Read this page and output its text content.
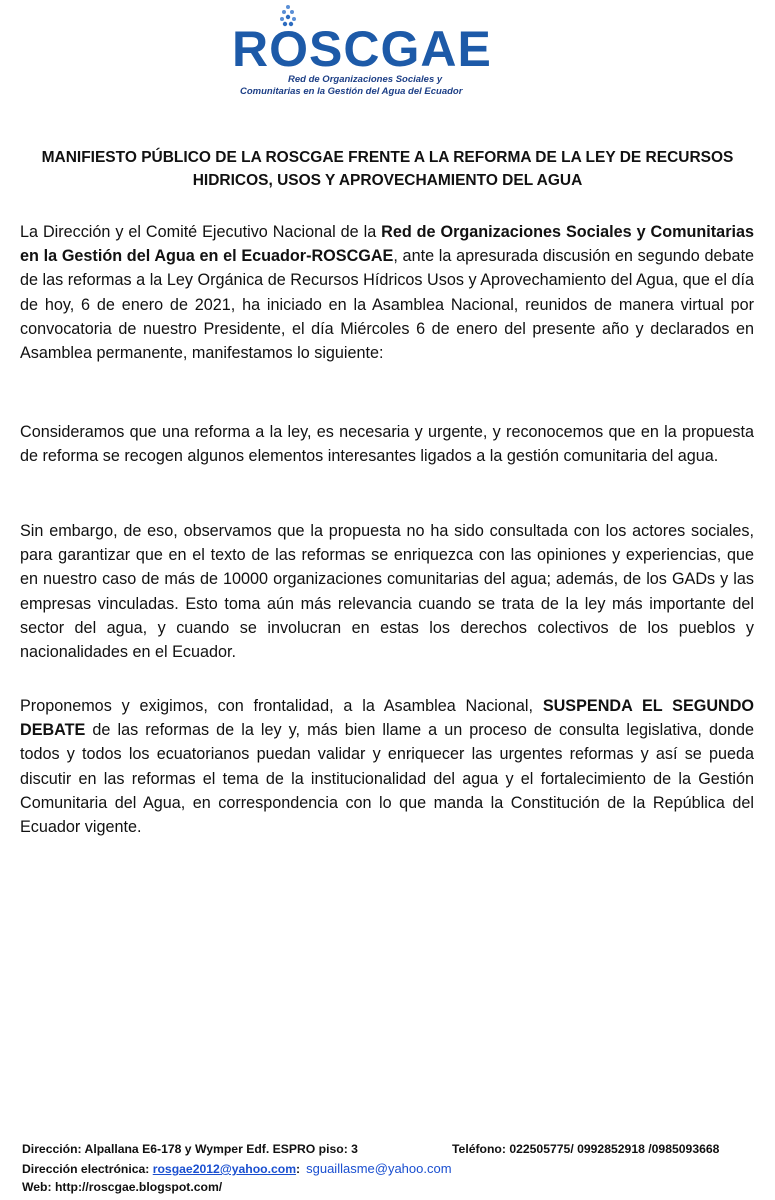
ROSCGAE
Red de Organizaciones Sociales y
Comunitarias en la Gestión del Agua del Ecuador
MANIFIESTO PÚBLICO DE LA ROSCGAE FRENTE A LA REFORMA DE LA LEY DE RECURSOS HIDRICOS, USOS Y APROVECHAMIENTO DEL AGUA
La Dirección y el Comité Ejecutivo Nacional de la Red de Organizaciones Sociales y Comunitarias en la Gestión del Agua en el Ecuador-ROSCGAE, ante la apresurada discusión en segundo debate de las reformas a la Ley Orgánica de Recursos Hídricos Usos y Aprovechamiento del Agua, que el día de hoy, 6 de enero de 2021, ha iniciado en la Asamblea Nacional, reunidos de manera virtual por convocatoria de nuestro Presidente, el día Miércoles 6 de enero del presente año y declarados en Asamblea permanente, manifestamos lo siguiente:
Consideramos que una reforma a la ley, es necesaria y urgente, y reconocemos que en la propuesta de reforma se recogen algunos elementos interesantes ligados a la gestión comunitaria del agua.
Sin embargo, de eso, observamos que la propuesta no ha sido consultada con los actores sociales, para garantizar que en el texto de las reformas se enriquezca con las opiniones y experiencias, que en nuestro caso de más de 10000 organizaciones comunitarias del agua; además, de los GADs y las empresas vinculadas. Esto toma aún más relevancia cuando se trata de la ley más importante del sector del agua, y cuando se involucran en estas los derechos colectivos de los pueblos y nacionalidades en el Ecuador.
Proponemos y exigimos, con frontalidad, a la Asamblea Nacional, SUSPENDA EL SEGUNDO DEBATE de las reformas de la ley y, más bien llame a un proceso de consulta legislativa, donde todos y todos los ecuatorianos puedan validar y enriquecer las urgentes reformas y así se pueda discutir en las reformas el tema de la institucionalidad del agua y el fortalecimiento de la Gestión Comunitaria del Agua, en correspondencia con lo que manda la Constitución de la República del Ecuador vigente.
Dirección: Alpallana E6-178 y Wymper Edf. ESPRO piso: 3	Teléfono: 022505775/ 0992852918 /0985093668
Dirección electrónica: rosgae2012@yahoo.com: sguaillasme@yahoo.com
Web: http://roscgae.blogspot.com/
